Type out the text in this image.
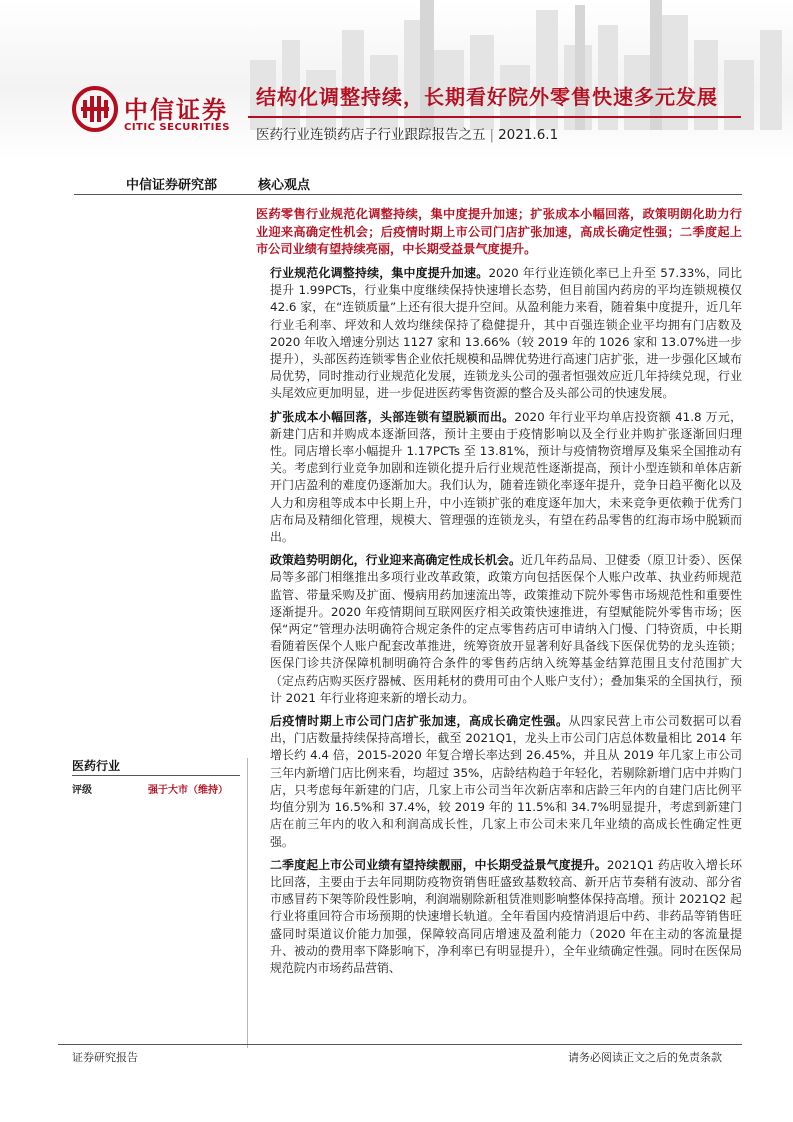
中信证券
CITIC SECURITIES
结构化调整持续，长期看好院外零售快速多元发展
医药行业连锁药店子行业跟踪报告之五 | 2021.6.1
中信证券研究部	核心观点
医药零售行业规范化调整持续，集中度提升加速；扩张成本小幅回落，政策明朗化助力行业迎来高确定性机会；后疫情时期上市公司门店扩张加速，高成长确定性强；二季度起上市公司业绩有望持续亮丽，中长期受益景气度提升。

行业规范化调整持续，集中度提升加速。2020 年行业连锁化率已上升至 57.33%，同比提升 1.99PCTs，行业集中度继续保持快速增长态势，但目前国内药房的平均连锁规模仅 42.6 家，在“连锁质量”上还有很大提升空间。从盈利能力来看，随着集中度提升，近几年行业毛利率、坪效和人效均继续保持了稳健提升，其中百强连锁企业平均拥有门店数及 2020 年收入增速分别达 1127 家和 13.66%（较 2019 年的 1026 家和 13.07%进一步提升），头部医药连锁零售企业依托规模和品牌优势进行高速门店扩张，进一步强化区域布局优势，同时推动行业规范化发展，连锁龙头公司的强者恒强效应近几年持续兑现，行业头尾效应更加明显，进一步促进医药零售资源的整合及头部公司的快速发展。

扩张成本小幅回落，头部连锁有望脱颖而出。2020 年行业平均单店投资额 41.8 万元，新建门店和并购成本逐渐回落，预计主要由于疫情影响以及全行业并购扩张逐渐回归理性。同店增长率小幅提升 1.17PCTs 至 13.81%，预计与疫情物资增厚及集采全国推动有关。考虑到行业竞争加剧和连锁化提升后行业规范性逐渐提高，预计小型连锁和单体店新开门店盈利的难度仍逐渐加大。我们认为，随着连锁化率逐年提升，竞争日趋平衡化以及人力和房租等成本中长期上升，中小连锁扩张的难度逐年加大，未来竞争更依赖于优秀门店布局及精细化管理，规模大、管理强的连锁龙头，有望在药品零售的红海市场中脱颖而出。

政策趋势明朗化，行业迎来高确定性成长机会。近几年药品局、卫健委（原卫计委）、医保局等多部门相继推出多项行业改革政策，政策方向包括医保个人账户改革、执业药师规范监管、带量采购及扩面、慢病用药加速流出等，政策推动下院外零售市场规范性和重要性逐渐提升。2020 年疫情期间互联网医疗相关政策快速推进，有望赋能院外零售市场；医保“两定”管理办法明确符合规定条件的定点零售药店可申请纳入门慢、门特资质，中长期看随着医保个人账户配套改革推进，统筹资放开显著利好具备线下医保优势的龙头连锁；医保门诊共济保障机制明确符合条件的零售药店纳入统筹基金结算范围且支付范围扩大（定点药店购买医疗器械、医用耗材的费用可由个人账户支付）；叠加集采的全国执行，预计 2021 年行业将迎来新的增长动力。

后疫情时期上市公司门店扩张加速，高成长确定性强。从四家民营上市公司数据可以看出，门店数量持续保持高增长，截至 2021Q1，龙头上市公司门店总体数量相比 2014 年增长约 4.4 倍，2015-2020 年复合增长率达到 26.45%，并且从 2019 年几家上市公司三年内新增门店比例来看，均超过 35%，店龄结构趋于年轻化，若剔除新增门店中并购门店，只考虑每年新建的门店，几家上市公司当年次新店率和店龄三年内的自建门店比例平均值分别为 16.5%和 37.4%，较 2019 年的 11.5%和 34.7%明显提升，考虑到新建门店在前三年内的收入和利润高成长性，几家上市公司未来几年业绩的高成长性确定性更强。

二季度起上市公司业绩有望持续靓丽，中长期受益景气度提升。2021Q1 药店收入增长环比回落，主要由于去年同期防疫物资销售旺盛致基数较高、新开店节奏稍有波动、部分省市感冒药下架等阶段性影响，利润端剔除新租赁准则影响整体保持高增。预计 2021Q2 起行业将重回符合市场预期的快速增长轨道。全年看国内疫情消退后中药、非药品等销售旺盛同时渠道议价能力加强，保障较高同店增速及盈利能力（2020 年在主动的客流量提升、被动的费用率下降影响下，净利率已有明显提升），全年业绩确定性强。同时在医保局规范院内市场药品营销、

医药行业
评级	强于大市（维持）
证券研究报告	请务必阅读正文之后的免责条款
